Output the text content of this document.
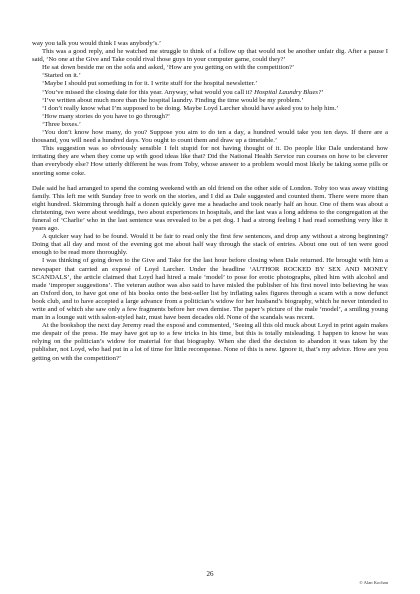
way you talk you would think I was anybody’s.’

This was a good reply, and he watched me struggle to think of a follow up that would not be another unfair dig. After a pause I said, ‘No one at the Give and Take could rival those guys in your computer game, could they?’

He sat down beside me on the sofa and asked, ‘How are you getting on with the competition?’

‘Started on it.’

‘Maybe I should put something in for it. I write stuff for the hospital newsletter.’

‘You’ve missed the closing date for this year. Anyway, what would you call it? Hospital Laundry Blues?’

‘I’ve written about much more than the hospital laundry. Finding the time would be my problem.’

‘I don’t really know what I’m supposed to be doing. Maybe Loyd Larcher should have asked you to help him.’

‘How many stories do you have to go through?’

‘Three boxes.’

‘You don’t know how many, do you? Suppose you aim to do ten a day, a hundred would take you ten days. If there are a thousand, you will need a hundred days. You ought to count them and draw up a timetable.’

This suggestion was so obviously sensible I felt stupid for not having thought of it. Do people like Dale understand how irritating they are when they come up with good ideas like that? Did the National Health Service run courses on how to be cleverer than everybody else? How utterly different he was from Toby, whose answer to a problem would most likely be taking some pills or snorting some coke.

Dale said he had arranged to spend the coming weekend with an old friend on the other side of London. Toby too was away visiting family. This left me with Sunday free to work on the stories, and I did as Dale suggested and counted them. There were more than eight hundred. Skimming through half a dozen quickly gave me a headache and took nearly half an hour. One of them was about a christening, two were about weddings, two about experiences in hospitals, and the last was a long address to the congregation at the funeral of ‘Charlie’ who in the last sentence was revealed to be a pet dog. I had a strong feeling I had read something very like it years ago.

A quicker way had to be found. Would it be fair to read only the first few sentences, and drop any without a strong beginning? Doing that all day and most of the evening got me about half way through the stack of entries. About one out of ten were good enough to be read more thoroughly.

I was thinking of going down to the Give and Take for the last hour before closing when Dale returned. He brought with him a newspaper that carried an exposé of Loyd Larcher. Under the headline ‘AUTHOR ROCKED BY SEX AND MONEY SCANDALS’, the article claimed that Loyd had hired a male ‘model’ to pose for erotic photographs, plied him with alcohol and made ‘improper suggestions’. The veteran author was also said to have misled the publisher of his first novel into believing he was an Oxford don, to have got one of his books onto the best-seller list by inflating sales figures through a scam with a now defunct book club, and to have accepted a large advance from a politician’s widow for her husband’s biography, which he never intended to write and of which she saw only a few fragments before her own demise. The paper’s picture of the male ‘model’, a smiling young man in a lounge suit with salon-styled hair, must have been decades old. None of the scandals was recent.

At the bookshop the next day Jeremy read the exposé and commented, ‘Seeing all this old muck about Loyd in print again makes me despair of the press. He may have got up to a few tricks in his time, but this is totally misleading. I happen to know he was relying on the politician’s widow for material for that biography. When she died the decision to abandon it was taken by the publisher, not Loyd, who had put in a lot of time for little recompense. None of this is new. Ignore it, that’s my advice. How are you getting on with the competition?’

26
© Alan Kochan
